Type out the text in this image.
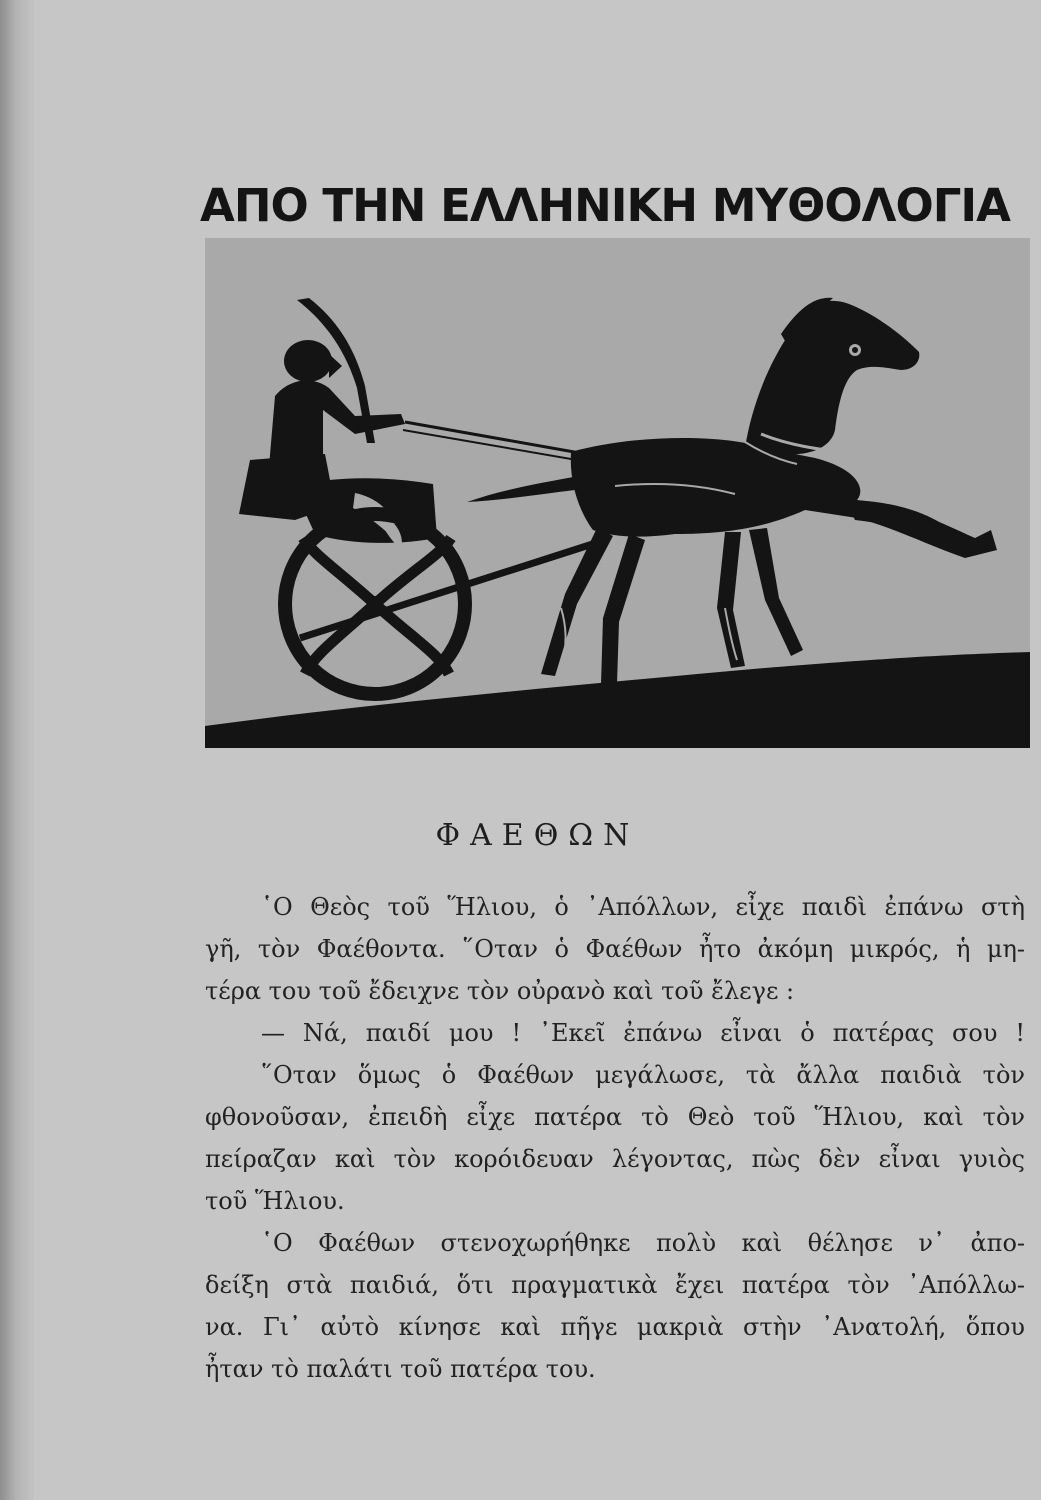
ΑΠΟ ΤΗΝ ΕΛΛΗΝΙΚΗ ΜΥΘΟΛΟΓΙΑ
ΦΑΕΘΩΝ
῾Ο Θεὸς τοῦ Ἥλιου, ὁ ᾿Απόλλων, εἶχε παιδὶ ἐπάνω στὴ
γῆ, τὸν Φαέθοντα. ῞Οταν ὁ Φαέθων ἦτο ἀκόμη μικρός, ἡ μη-
τέρα του τοῦ ἔδειχνε τὸν οὐρανὸ καὶ τοῦ ἔλεγε :
— Νά, παιδί μου ! ᾿Εκεῖ ἐπάνω εἶναι ὁ πατέρας σου !
῞Οταν ὅμως ὁ Φαέθων μεγάλωσε, τὰ ἄλλα παιδιὰ τὸν
φθονοῦσαν, ἐπειδὴ εἶχε πατέρα τὸ Θεὸ τοῦ Ἥλιου, καὶ τὸν
πείραζαν καὶ τὸν κορόιδευαν λέγοντας, πὼς δὲν εἶναι γυιὸς
τοῦ Ἥλιου.
῾Ο Φαέθων στενοχωρήθηκε πολὺ καὶ θέλησε ν᾿ ἀπο-
δείξη στὰ παιδιά, ὅτι πραγματικὰ ἔχει πατέρα τὸν ᾿Απόλλω-
να. Γι᾿ αὐτὸ κίνησε καὶ πῆγε μακριὰ στὴν ᾿Ανατολή, ὅπου
ἦταν τὸ παλάτι τοῦ πατέρα του.
